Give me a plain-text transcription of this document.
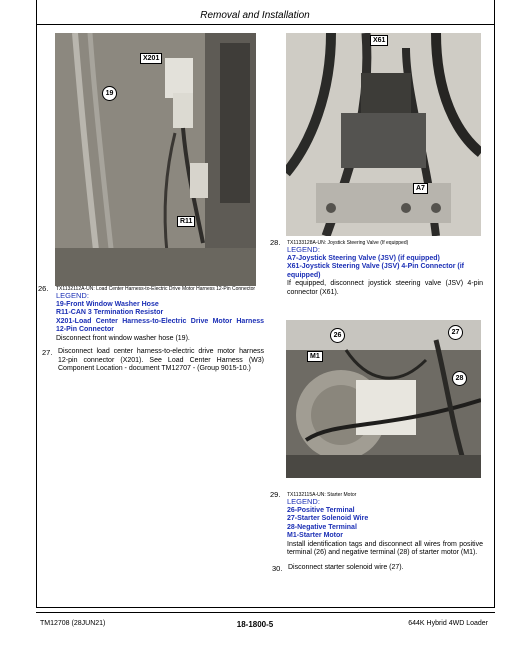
Removal and Installation
X201
19
R11
26. TX1132112A-UN: Load Center Harness-to-Electric Drive Motor Harness 12-Pin Connector
LEGEND:
19-Front Window Washer Hose
R11-CAN 3 Termination Resistor
X201-Load Center Harness-to-Electric Drive Motor Harness 12-Pin Connector
Disconnect front window washer hose (19).
27. Disconnect load center harness-to-electric drive motor harness 12-pin connector (X201). See Load Center Harness (W3) Component Location - document TM12707 - (Group 9015-10.)
X61
A7
28. TX1133128A-UN: Joystick Steering Valve (If equipped)
LEGEND:
A7-Joystick Steering Valve (JSV) (if equipped)
X61-Joystick Steering Valve (JSV) 4-Pin Connector (if equipped)
If equipped, disconnect joystick steering valve (JSV) 4-pin connector (X61).
26	27
M1
28
29. TX1132115A-UN: Starter Motor
LEGEND:
26-Positive Terminal
27-Starter Solenoid Wire
28-Negative Terminal
M1-Starter Motor
Install identification tags and disconnect all wires from positive terminal (26) and negative terminal (28) of starter motor (M1).
30. Disconnect starter solenoid wire (27).
TM12708 (28JUN21)	18-1800-5	644K Hybrid 4WD Loader
